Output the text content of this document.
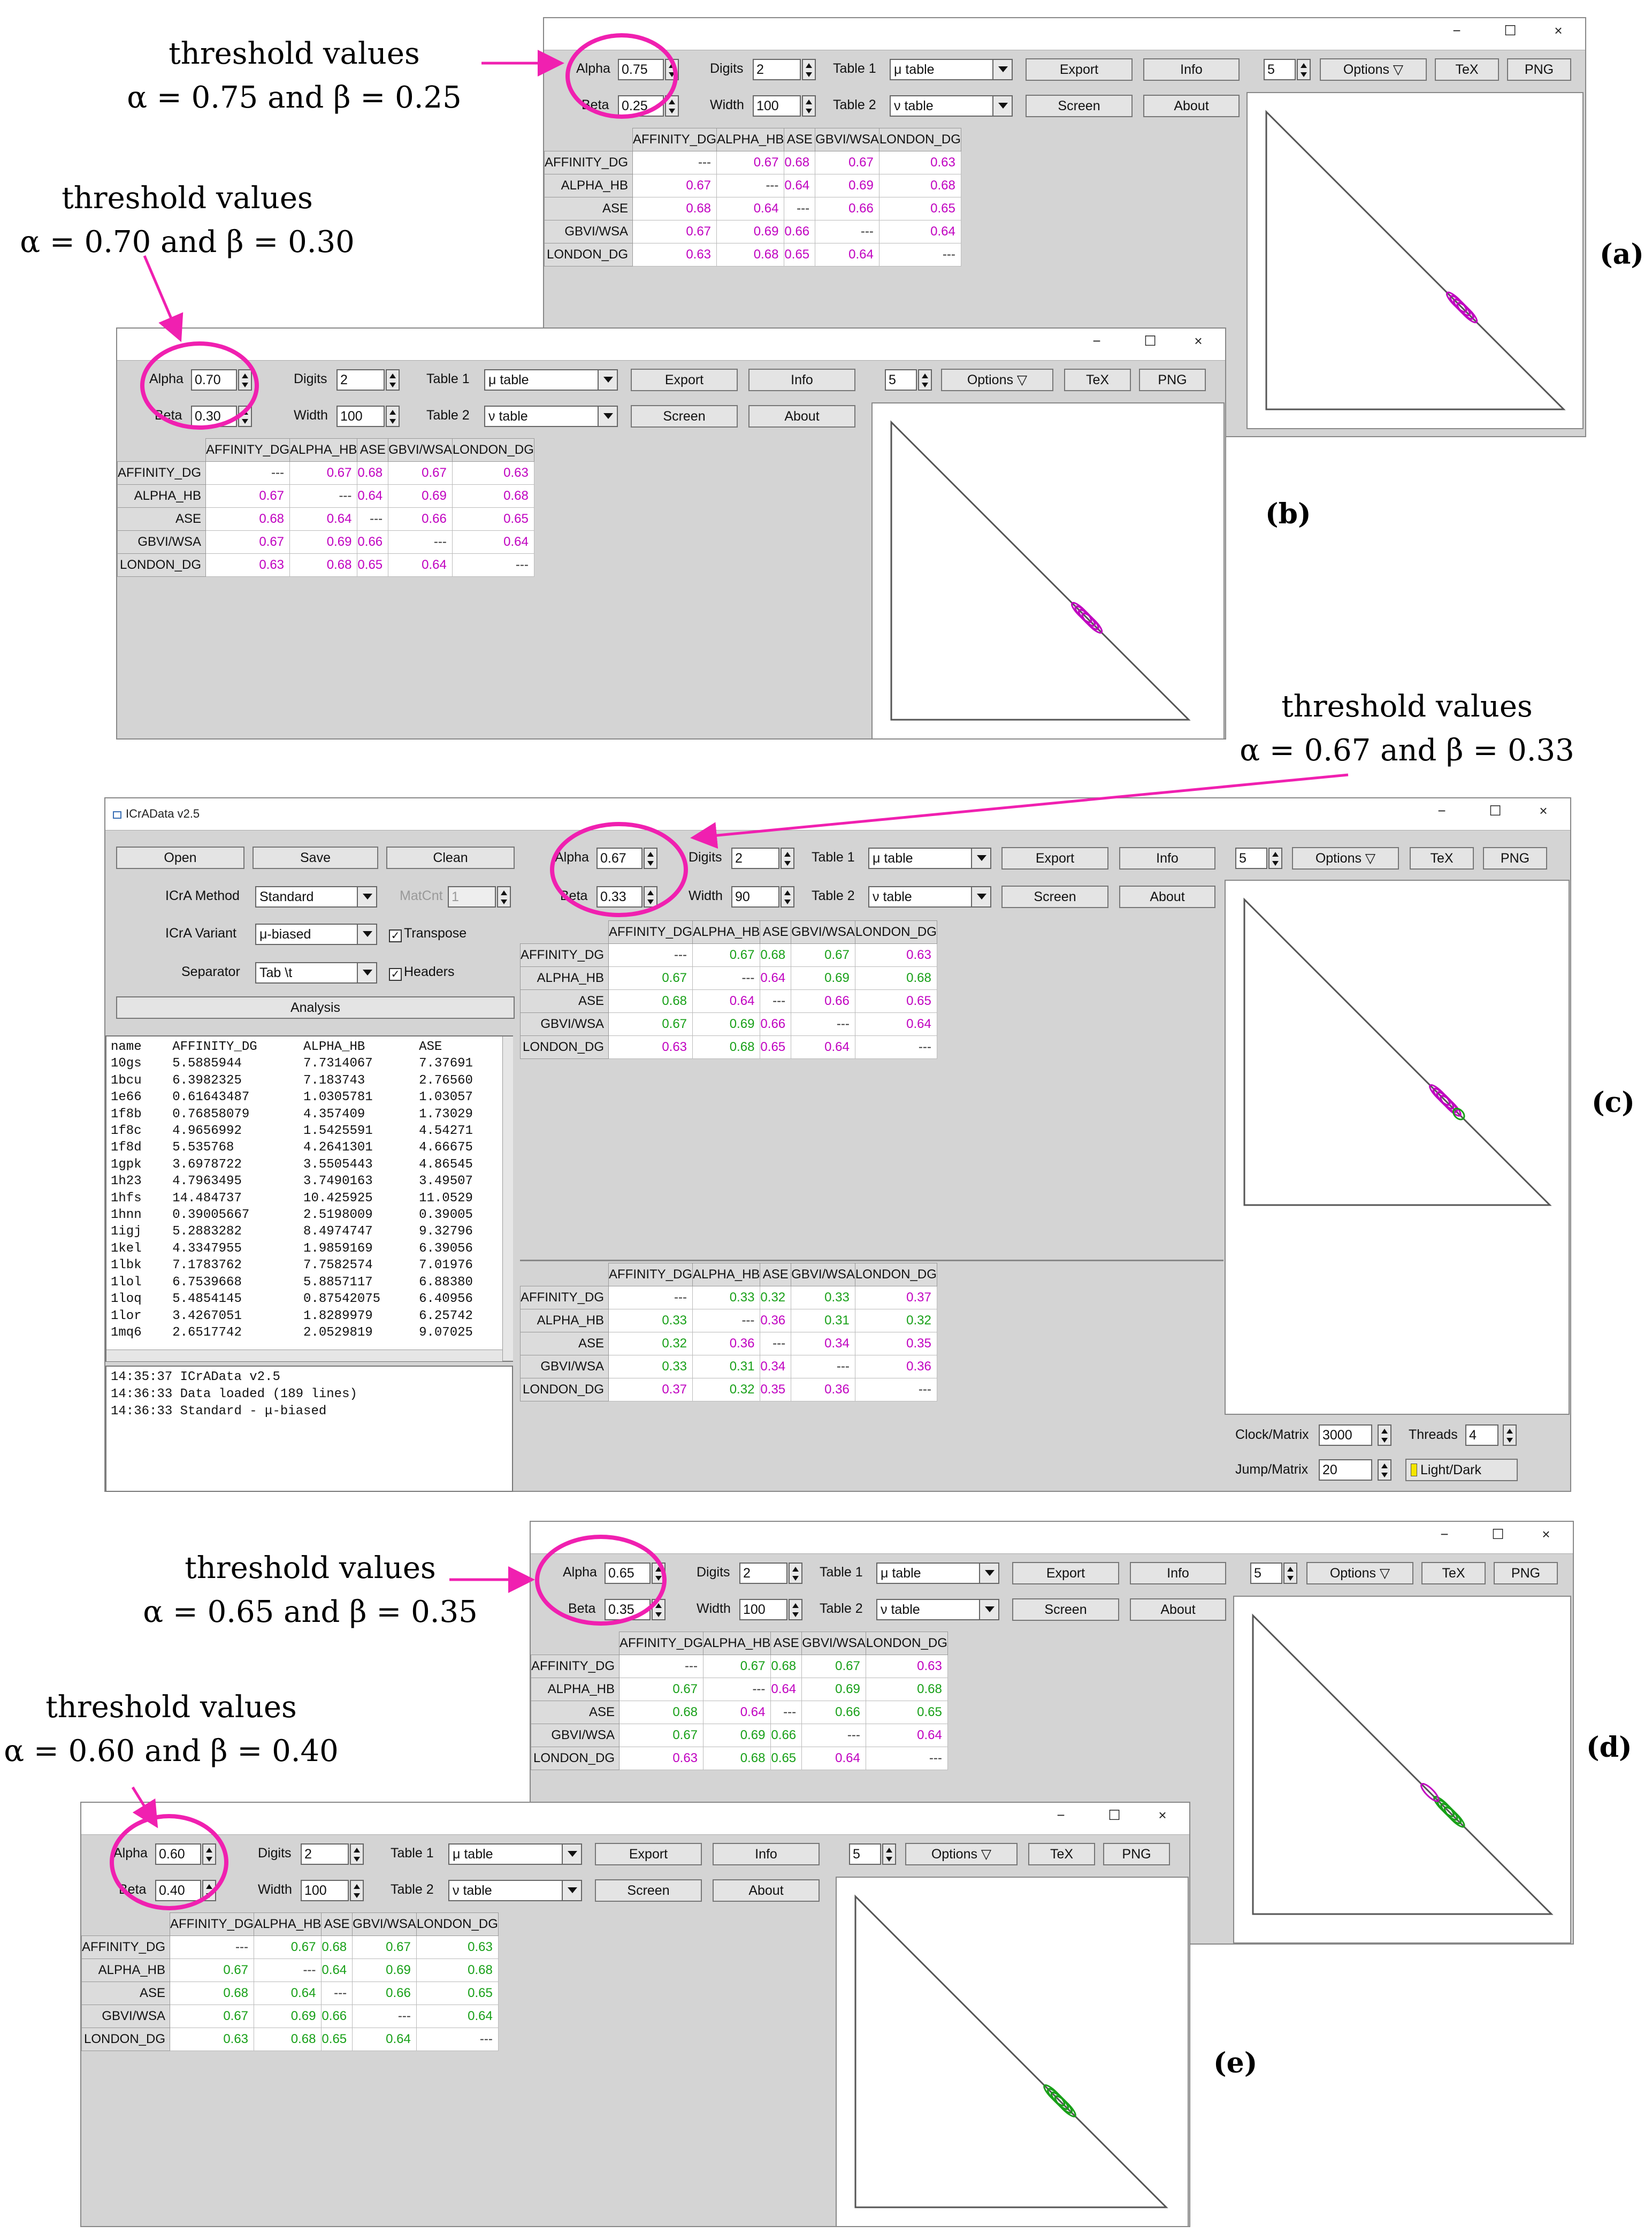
threshold values
α = 0.75 and β = 0.25
threshold values
α = 0.70 and β = 0.30
threshold values
α = 0.67 and β = 0.33
threshold values
α = 0.65 and β = 0.35
threshold values
α = 0.60 and β = 0.40
(a)
(b)
(c)
(d)
(e)
−	☐	×
Alpha 0.75
Beta 0.25
Digits 2
Width 100
Table 1	μ table
Table 2	ν table
Export	Info
Screen	About
	AFFINITY_DG	ALPHA_HB	ASE	GBVI/WSA	LONDON_DG
AFFINITY_DG	---	0.67	0.68	0.67	0.63
ALPHA_HB	0.67	---	0.64	0.69	0.68
ASE	0.68	0.64	---	0.66	0.65
GBVI/WSA	0.67	0.69	0.66	---	0.64
LONDON_DG	0.63	0.68	0.65	0.64	---
5	Options ▽	TeX	PNG
−	☐	×
Alpha 0.70
Beta 0.30
Digits 2
Width 100
Table 1	μ table
Table 2	ν table
Export	Info
Screen	About
	AFFINITY_DG	ALPHA_HB	ASE	GBVI/WSA	LONDON_DG
AFFINITY_DG	---	0.67	0.68	0.67	0.63
ALPHA_HB	0.67	---	0.64	0.69	0.68
ASE	0.68	0.64	---	0.66	0.65
GBVI/WSA	0.67	0.69	0.66	---	0.64
LONDON_DG	0.63	0.68	0.65	0.64	---
5	Options ▽	TeX	PNG
ICrAData v2.5	−	☐	×
Open	Save	Clean
ICrA Method	Standard	MatCnt 1
ICrA Variant	μ-biased	✓ Transpose
Separator	Tab \t	✓ Headers
Analysis
name    AFFINITY_DG      ALPHA_HB       ASE
10gs    5.5885944        7.7314067      7.37691
1bcu    6.3982325        7.183743       2.76560
1e66    0.61643487       1.0305781      1.03057
1f8b    0.76858079       4.357409       1.73029
1f8c    4.9656992        1.5425591      4.54271
1f8d    5.535768         4.2641301      4.66675
1gpk    3.6978722        3.5505443      4.86545
1h23    4.7963495        3.7490163      3.49507
1hfs    14.484737        10.425925      11.0529
1hnn    0.39005667       2.5198009      0.39005
1igj    5.2883282        8.4974747      9.32796
1kel    4.3347955        1.9859169      6.39056
1lbk    7.1783762        7.7582574      7.01976
1lol    6.7539668        5.8857117      6.88380
1loq    5.4854145        0.87542075     6.40956
1lor    3.4267051        1.8289979      6.25742
1mq6    2.6517742        2.0529819      9.07025
14:35:37 ICrAData v2.5
14:36:33 Data loaded (189 lines)
14:36:33 Standard - μ-biased
Alpha 0.67
Beta 0.33
Digits 2
Width 90
Table 1	μ table
Table 2	ν table
Export	Info
Screen	About
	AFFINITY_DG	ALPHA_HB	ASE	GBVI/WSA	LONDON_DG
AFFINITY_DG	---	0.67	0.68	0.67	0.63
ALPHA_HB	0.67	---	0.64	0.69	0.68
ASE	0.68	0.64	---	0.66	0.65
GBVI/WSA	0.67	0.69	0.66	---	0.64
LONDON_DG	0.63	0.68	0.65	0.64	---
	AFFINITY_DG	ALPHA_HB	ASE	GBVI/WSA	LONDON_DG
AFFINITY_DG	---	0.33	0.32	0.33	0.37
ALPHA_HB	0.33	---	0.36	0.31	0.32
ASE	0.32	0.36	---	0.34	0.35
GBVI/WSA	0.33	0.31	0.34	---	0.36
LONDON_DG	0.37	0.32	0.35	0.36	---
5	Options ▽	TeX	PNG
Clock/Matrix 3000	Threads 4
Jump/Matrix 20	Light/Dark
−	☐	×
Alpha 0.65
Beta 0.35
Digits 2
Width 100
Table 1	μ table
Table 2	ν table
Export	Info
Screen	About
	AFFINITY_DG	ALPHA_HB	ASE	GBVI/WSA	LONDON_DG
AFFINITY_DG	---	0.67	0.68	0.67	0.63
ALPHA_HB	0.67	---	0.64	0.69	0.68
ASE	0.68	0.64	---	0.66	0.65
GBVI/WSA	0.67	0.69	0.66	---	0.64
LONDON_DG	0.63	0.68	0.65	0.64	---
5	Options ▽	TeX	PNG
−	☐	×
Alpha 0.60
Beta 0.40
Digits 2
Width 100
Table 1	μ table
Table 2	ν table
Export	Info
Screen	About
	AFFINITY_DG	ALPHA_HB	ASE	GBVI/WSA	LONDON_DG
AFFINITY_DG	---	0.67	0.68	0.67	0.63
ALPHA_HB	0.67	---	0.64	0.69	0.68
ASE	0.68	0.64	---	0.66	0.65
GBVI/WSA	0.67	0.69	0.66	---	0.64
LONDON_DG	0.63	0.68	0.65	0.64	---
5	Options ▽	TeX	PNG
